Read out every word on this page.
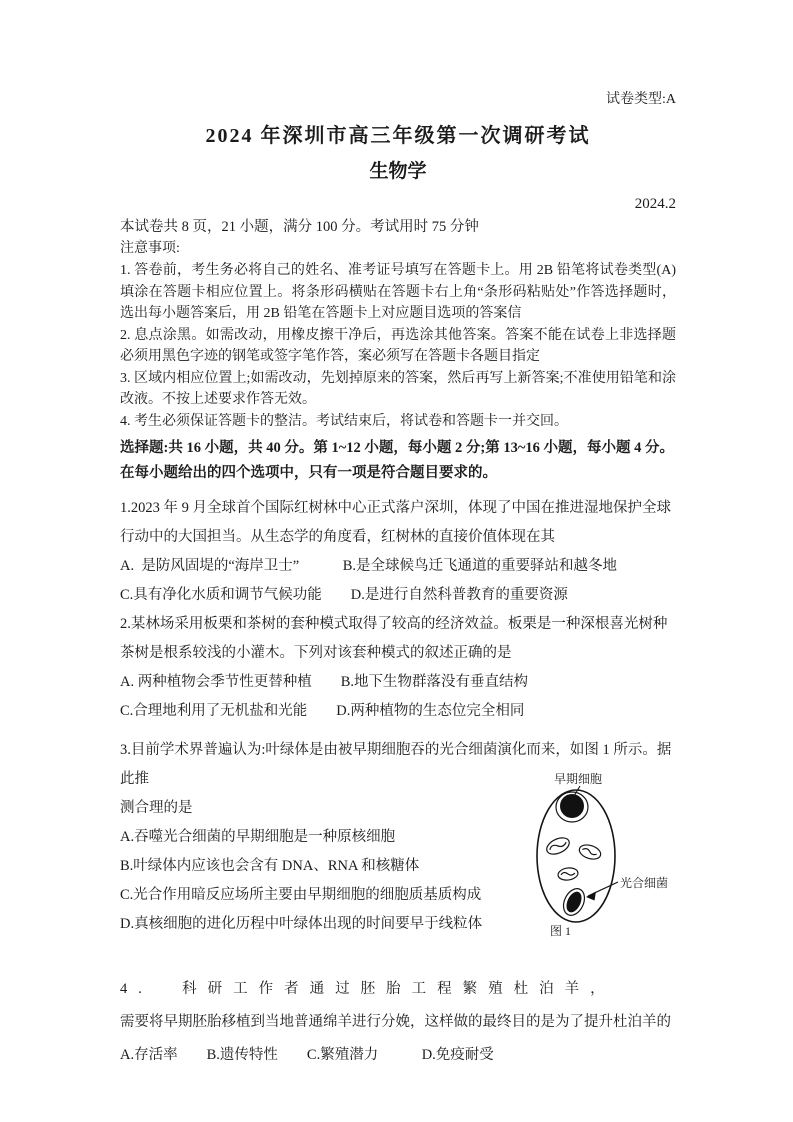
试卷类型:A
2024 年深圳市高三年级第一次调研考试
生物学
2024.2

本试卷共 8 页，21 小题，满分 100 分。考试用时 75 分钟

注意事项:

1. 答卷前，考生务必将自己的姓名、准考证号填写在答题卡上。用 2B 铅笔将试卷类型(A)填涂在答题卡相应位置上。将条形码横贴在答题卡右上角“条形码粘贴处”作答选择题时，选出每小题答案后，用 2B 铅笔在答题卡上对应题目选项的答案信

2. 息点涂黑。如需改动，用橡皮擦干净后，再选涂其他答案。答案不能在试卷上非选择题必须用黑色字迹的钢笔或签字笔作答，案必须写在答题卡各题目指定

3. 区域内相应位置上;如需改动，先划掉原来的答案，然后再写上新答案;不准使用铅笔和涂改液。不按上述要求作答无效。

4. 考生必须保证答题卡的整洁。考试结束后，将试卷和答题卡一并交回。

选择题:共 16 小题，共 40 分。第 1~12 小题，每小题 2 分;第 13~16 小题，每小题 4 分。

在每小题给出的四个选项中，只有一项是符合题目要求的。

1.2023 年 9 月全球首个国际红树林中心正式落户深圳，体现了中国在推进湿地保护全球

行动中的大国担当。从生态学的角度看，红树林的直接价值体现在其

A.  是防风固堤的“海岸卫士”　　　B.是全球候鸟迁飞通道的重要驿站和越冬地

C.具有净化水质和调节气候功能　　D.是进行自然科普教育的重要资源

2.某林场采用板栗和茶树的套种模式取得了较高的经济效益。板栗是一种深根喜光树种

茶树是根系较浅的小灌木。下列对该套种模式的叙述正确的是

A. 两种植物会季节性更替种植　　B.地下生物群落没有垂直结构

C.合理地利用了无机盐和光能　　D.两种植物的生态位完全相同

3.目前学术界普遍认为:叶绿体是由被早期细胞吞的光合细菌演化而来，如图 1 所示。据此推

测合理的是

A.吞噬光合细菌的早期细胞是一种原核细胞

B.叶绿体内应该也会含有 DNA、RNA 和核糖体

C.光合作用暗反应场所主要由早期细胞的细胞质基质构成

D.真核细胞的进化历程中叶绿体出现的时间要早于线粒体

早期细胞
光合细菌
图 1

4.  科研工作者通过胚胎工程繁殖杜泊羊，

需要将早期胚胎移植到当地普通绵羊进行分娩，这样做的最终目的是为了提升杜泊羊的

A.存活率　　B.遗传特性　　C.繁殖潜力　　　D.免疫耐受
